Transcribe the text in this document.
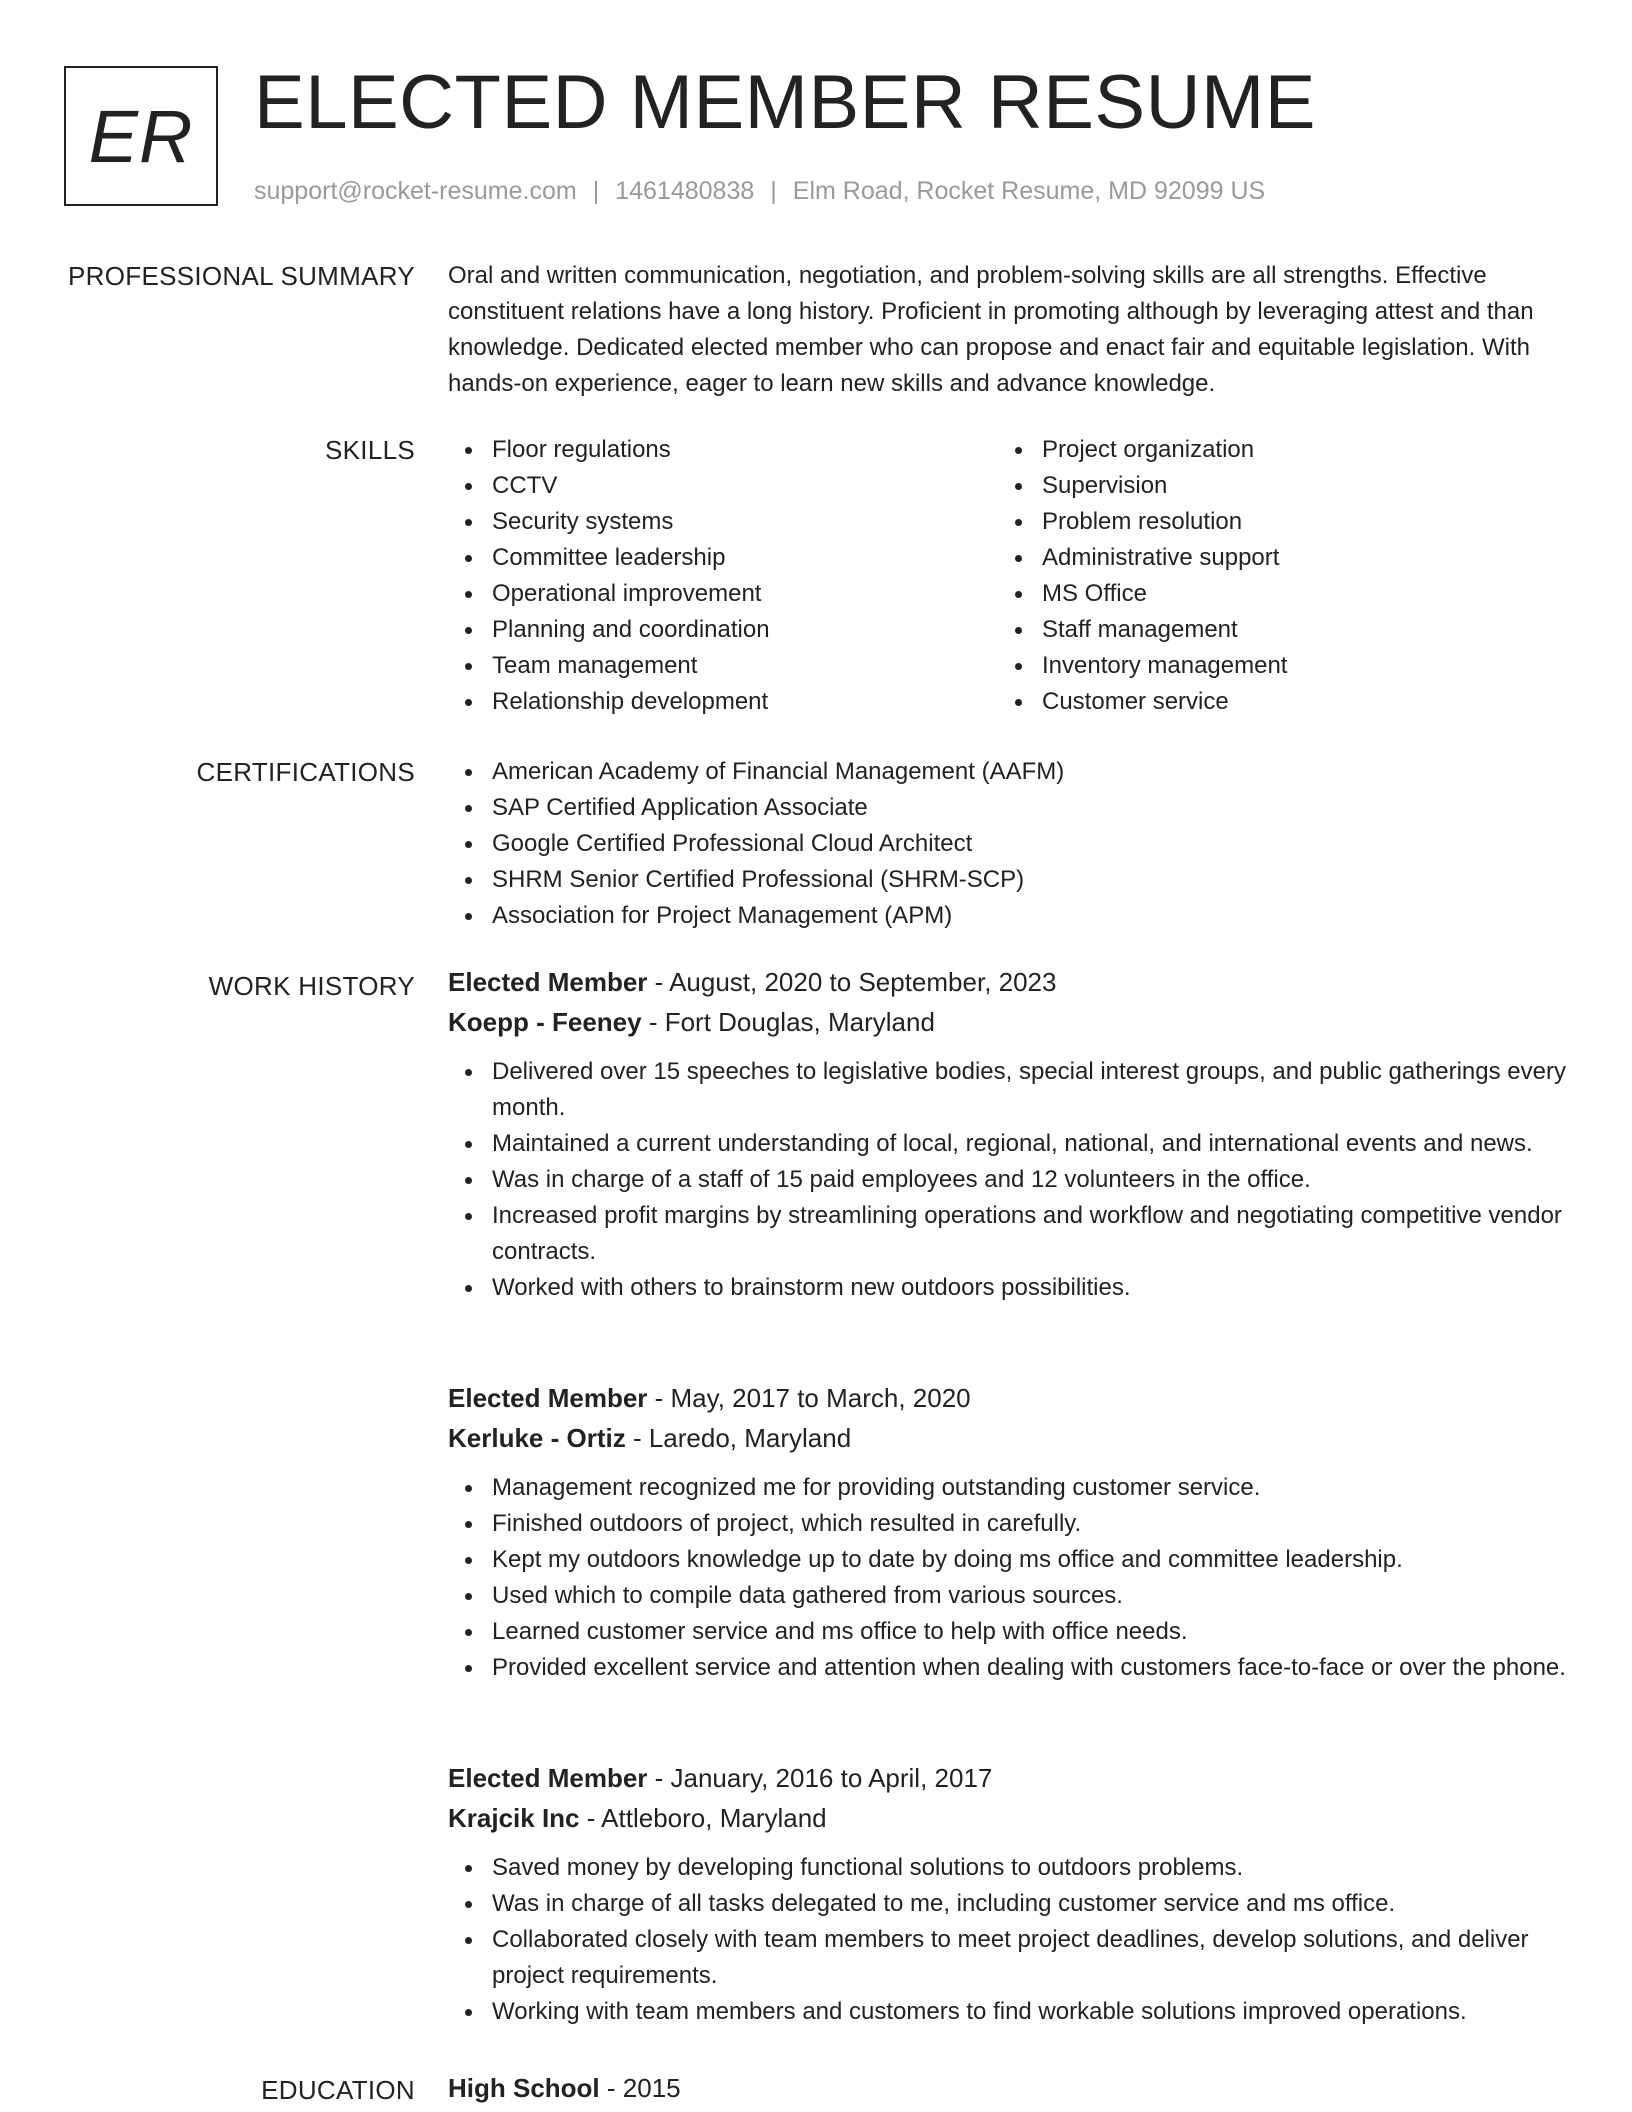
ER ELECTED MEMBER RESUME
support@rocket-resume.com | 1461480838 | Elm Road, Rocket Resume, MD 92099 US
PROFESSIONAL SUMMARY Oral and written communication, negotiation, and problem-solving skills are all strengths. Effective constituent relations have a long history. Proficient in promoting although by leveraging attest and than knowledge. Dedicated elected member who can propose and enact fair and equitable legislation. With hands-on experience, eager to learn new skills and advance knowledge.

SKILLS	Floor regulations
CCTV
Security systems
Committee leadership
Operational improvement
Planning and coordination
Team management
Relationship development
Project organization
Supervision
Problem resolution
Administrative support
MS Office
Staff management
Inventory management
Customer service
CERTIFICATIONS	American Academy of Financial Management (AAFM)
SAP Certified Application Associate
Google Certified Professional Cloud Architect
SHRM Senior Certified Professional (SHRM-SCP)
Association for Project Management (APM)
WORK HISTORY Elected Member - August, 2020 to September, 2023
Koepp - Feeney - Fort Douglas, Maryland
Delivered over 15 speeches to legislative bodies, special interest groups, and public gatherings every month.
Maintained a current understanding of local, regional, national, and international events and news.
Was in charge of a staff of 15 paid employees and 12 volunteers in the office.
Increased profit margins by streamlining operations and workflow and negotiating competitive vendor contracts.
Worked with others to brainstorm new outdoors possibilities.
Elected Member - May, 2017 to March, 2020
Kerluke - Ortiz - Laredo, Maryland
Management recognized me for providing outstanding customer service.
Finished outdoors of project, which resulted in carefully.
Kept my outdoors knowledge up to date by doing ms office and committee leadership.
Used which to compile data gathered from various sources.
Learned customer service and ms office to help with office needs.
Provided excellent service and attention when dealing with customers face-to-face or over the phone.
Elected Member - January, 2016 to April, 2017
Krajcik Inc - Attleboro, Maryland
Saved money by developing functional solutions to outdoors problems.
Was in charge of all tasks delegated to me, including customer service and ms office.
Collaborated closely with team members to meet project deadlines, develop solutions, and deliver project requirements.
Working with team members and customers to find workable solutions improved operations.
EDUCATION High School - 2015
